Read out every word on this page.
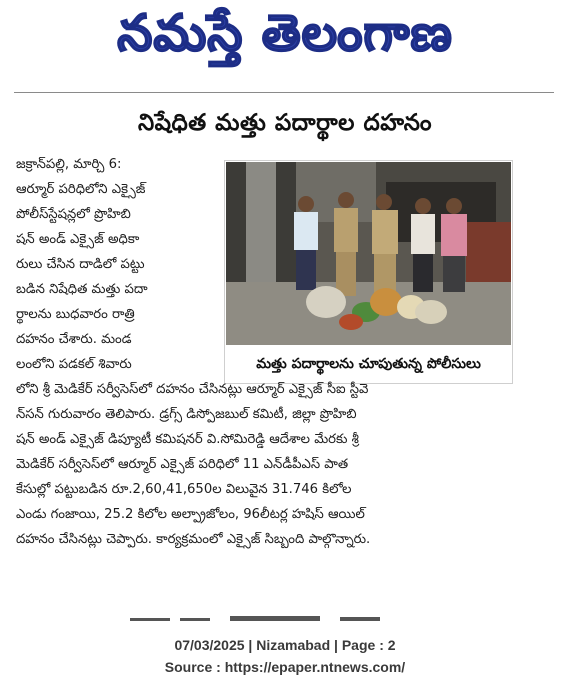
నమస్తే తెలంగాణ
నిషేధిత మత్తు పదార్థాల దహనం
జక్రాన్‌పల్లి, మార్చి 6:
ఆర్మూర్ పరిధిలోని ఎక్సైజ్
పోలీస్‌స్టేషన్లలో ప్రొహిబి
షన్ అండ్ ఎక్సైజ్ అధికా
రులు చేసిన దాడిలో పట్టు
బడిన నిషేధిత మత్తు పదా
ర్థాలను బుధవారం రాత్రి
దహనం చేశారు. మండ
లంలోని పడకల్ శివారు	మత్తు పదార్థాలను చూపుతున్న పోలీసులు
లోని శ్రీ మెడికేర్ సర్వీసెస్‌లో దహనం చేసినట్లు ఆర్మూర్ ఎక్సైజ్ సీఐ స్టీవె
న్‌సన్ గురువారం తెలిపారు. డ్రగ్స్ డిస్పోజబుల్ కమిటీ, జిల్లా ప్రొహిబి
షన్ అండ్ ఎక్సైజ్ డిప్యూటీ కమిషనర్ వి.సోమిరెడ్డి ఆదేశాల మేరకు శ్రీ
మెడికేర్ సర్వీసెస్‌లో ఆర్మూర్ ఎక్సైజ్ పరిధిలో 11 ఎన్‌డీపీఎస్ పాత
కేసుల్లో పట్టుబడిన రూ.2,60,41,650ల విలువైన 31.746 కిలోల
ఎండు గంజాయి, 25.2 కిలోల అల్ప్రాజోలం, 96లీటర్ల హషిస్ ఆయిల్
దహనం చేసినట్లు చెప్పారు. కార్యక్రమంలో ఎక్సైజ్ సిబ్బంది పాల్గొన్నారు.
07/03/2025 | Nizamabad | Page : 2
Source : https://epaper.ntnews.com/
